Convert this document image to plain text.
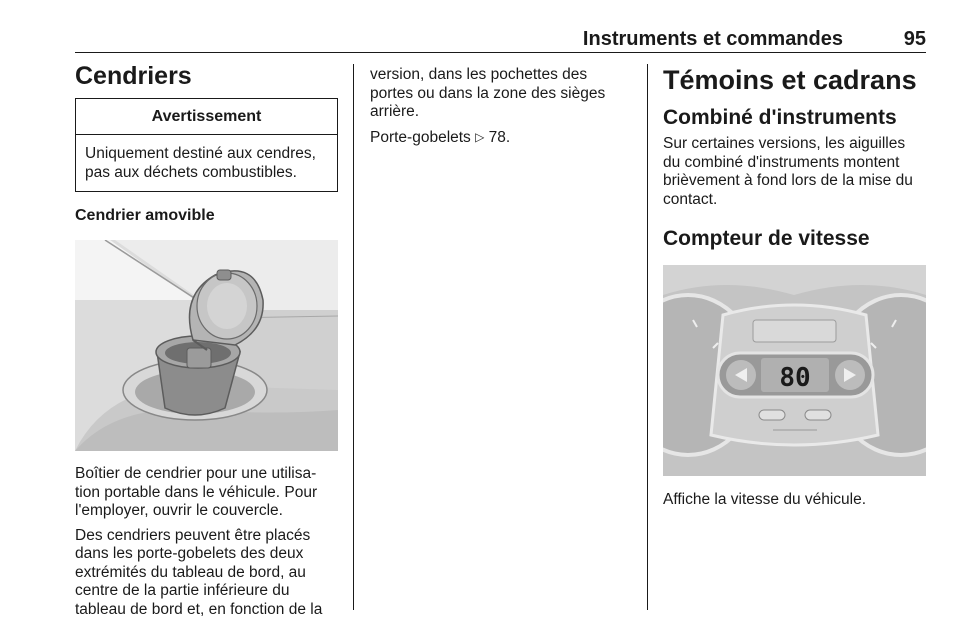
Instruments et commandes	95
Cendriers
Avertissement

Uniquement destiné aux cendres,

pas aux déchets combustibles.

Cendrier amovible

Boîtier de cendrier pour une utilisa-

tion portable dans le véhicule. Pour

l'employer, ouvrir le couvercle.

Des cendriers peuvent être placés

dans les porte-gobelets des deux

extrémités du tableau de bord, au

centre de la partie inférieure du

tableau de bord et, en fonction de la

version, dans les pochettes des

portes ou dans la zone des sièges

arrière.

Porte-gobelets ▷ 78.

Témoins et cadrans
Combiné d'instruments

Sur certaines versions, les aiguilles

du combiné d'instruments montent

brièvement à fond lors de la mise du

contact.

Compteur de vitesse
80

Affiche la vitesse du véhicule.
